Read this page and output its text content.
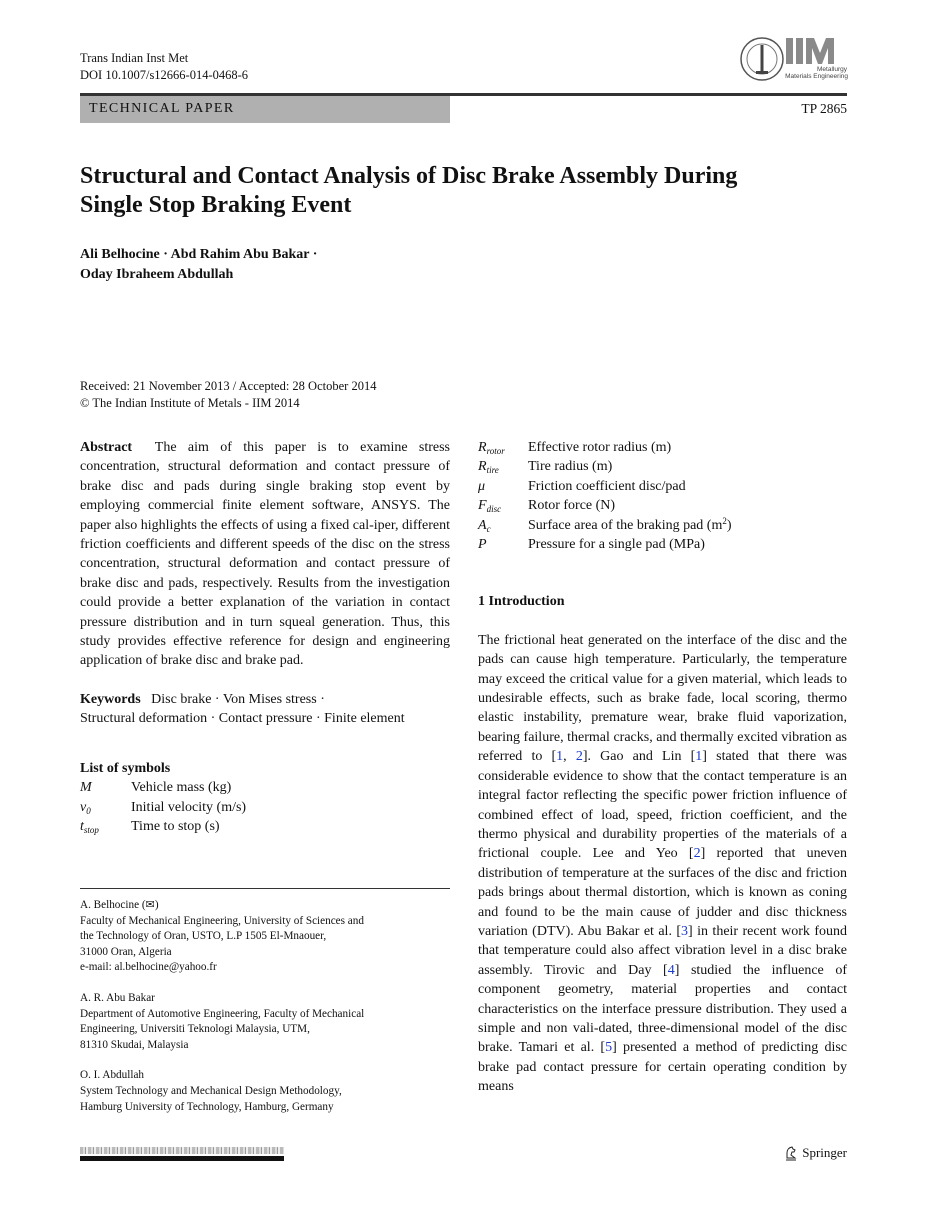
Trans Indian Inst Met
DOI 10.1007/s12666-014-0468-6	Metallurgy
Materials Engineering
TECHNICAL PAPER	TP 2865
Structural and Contact Analysis of Disc Brake Assembly During
Single Stop Braking Event
Ali Belhocine · Abd Rahim Abu Bakar ·
Oday Ibraheem Abdullah
Received: 21 November 2013 / Accepted: 28 October 2014
© The Indian Institute of Metals - IIM 2014
Abstract The aim of this paper is to examine stress concentration, structural deformation and contact pressure of brake disc and pads during single braking stop event by employing commercial finite element software, ANSYS. The paper also highlights the effects of using a fixed cal-iper, different friction coefficients and different speeds of the disc on the stress concentration, structural deformation and contact pressure of brake disc and pads, respectively. Results from the investigation could provide a better explanation of the variation in contact pressure distribution and in turn squeal generation. Thus, this study provides effective reference for design and engineering application of brake disc and brake pad.
Keywords Disc brake · Von Mises stress ·
Structural deformation · Contact pressure · Finite element
List of symbols
M	Vehicle mass (kg)
$v_0$	Initial velocity (m/s)
$t_{stop}$	Time to stop (s)

A. Belhocine (✉)
Faculty of Mechanical Engineering, University of Sciences and
the Technology of Oran, USTO, L.P 1505 El-Mnaouer,
31000 Oran, Algeria
e-mail: al.belhocine@yahoo.fr

A. R. Abu Bakar
Department of Automotive Engineering, Faculty of Mechanical
Engineering, Universiti Teknologi Malaysia, UTM,
81310 Skudai, Malaysia

O. I. Abdullah
System Technology and Mechanical Design Methodology,
Hamburg University of Technology, Hamburg, Germany

$R_{rotor}$	Effective rotor radius (m)
$R_{tire}$	Tire radius (m)
μ	Friction coefficient disc/pad
$F_{disc}$	Rotor force (N)
$A_c$	Surface area of the braking pad $(m^2)$
P	Pressure for a single pad (MPa)
1 Introduction
The frictional heat generated on the interface of the disc and the pads can cause high temperature. Particularly, the temperature may exceed the critical value for a given material, which leads to undesirable effects, such as brake fade, local scoring, thermo elastic instability, premature wear, brake fluid vaporization, bearing failure, thermal cracks, and thermally excited vibration as referred to [1, 2]. Gao and Lin [1] stated that there was considerable evidence to show that the contact temperature is an integral factor reflecting the specific power friction influence of combined effect of load, speed, friction coefficient, and the thermo physical and durability properties of the materials of a frictional couple. Lee and Yeo [2] reported that uneven distribution of temperature at the surfaces of the disc and friction pads brings about thermal distortion, which is known as coning and found to be the main cause of judder and disc thickness variation (DTV). Abu Bakar et al. [3] in their recent work found that temperature could also affect vibration level in a disc brake assembly. Tirovic and Day [4] studied the influence of component geometry, material properties and contact characteristics on the interface pressure distribution. They used a simple and non vali-dated, three-dimensional model of the disc brake. Tamari et al. [5] presented a method of predicting disc brake pad contact pressure for certain operating condition by means
Springer
